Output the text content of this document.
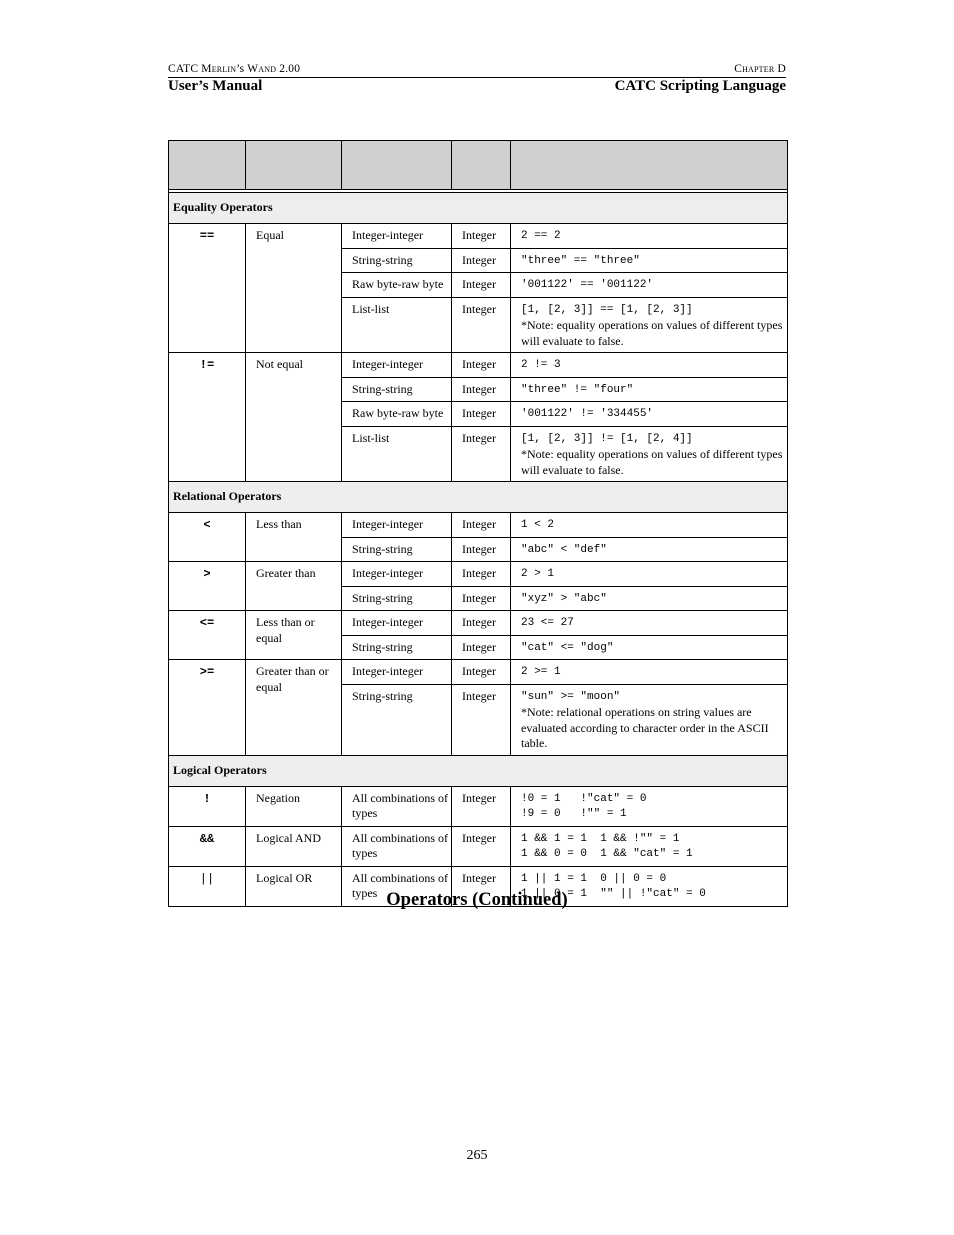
CATC Merlin’s Wand 2.00	Chapter D
User’s Manual	CATC Scripting Language

Equality Operators				
==	Equal	Integer-integer	Integer	2 == 2

		String-string	Integer	"three" == "three"

		Raw byte-raw byte	Integer	'001122' == '001122'

		List-list	Integer	[1, [2, 3]] == [1, [2, 3]]
*Note: equality operations on values of different types will evaluate to false.

!=	Not equal	Integer-integer	Integer	2 != 3

		String-string	Integer	"three" != "four"

		Raw byte-raw byte	Integer	'001122' != '334455'

		List-list	Integer	[1, [2, 3]] != [1, [2, 4]]
*Note: equality operations on values of different types will evaluate to false.

Relational Operators				
<	Less than	Integer-integer	Integer	1 < 2

		String-string	Integer	"abc" < "def"

>	Greater than	Integer-integer	Integer	2 > 1

		String-string	Integer	"xyz" > "abc"

<=	Less than or equal	Integer-integer	Integer	23 <= 27

		String-string	Integer	"cat" <= "dog"

>=	Greater than or equal	Integer-integer	Integer	2 >= 1

		String-string	Integer	"sun" >= "moon"
*Note: relational operations on string values are evaluated according to character order in the ASCII table.

Logical Operators				
!	Negation	All combinations of types	Integer	!0 = 1   !"cat" = 0
!9 = 0   !"" = 1

&&	Logical AND	All combinations of types	Integer	1 && 1 = 1  1 && !"" = 1
1 && 0 = 0  1 && "cat" = 1

||	Logical OR	All combinations of types	Integer	1 || 1 = 1  0 || 0 = 0
1 || 0 = 1  "" || !"cat" = 0
Operators (Continued)
265
